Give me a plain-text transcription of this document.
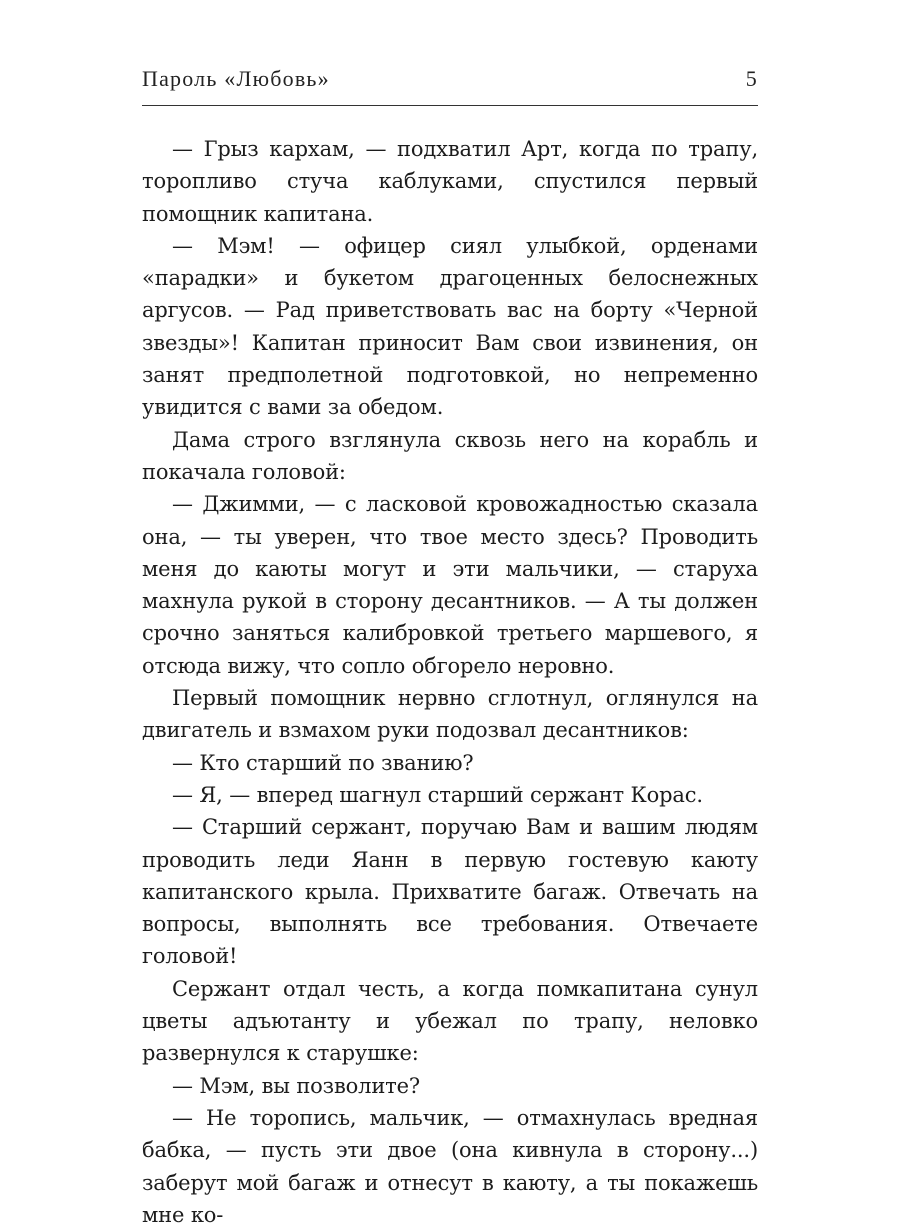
Пароль «Любовь»	5

— Грыз кархам, — подхватил Арт, когда по трапу, торопливо стуча каблуками, спустился первый помощник капитана.

— Мэм! — офицер сиял улыбкой, орденами «парадки» и букетом драгоценных белоснежных аргусов. — Рад приветствовать вас на борту «Черной звезды»! Капитан приносит Вам свои извинения, он занят предполетной подготовкой, но непременно увидится с вами за обедом.

Дама строго взглянула сквозь него на корабль и покачала головой:

— Джимми, — с ласковой кровожадностью сказала она, — ты уверен, что твое место здесь? Проводить меня до каюты могут и эти мальчики, — старуха махнула рукой в сторону десантников. — А ты должен срочно заняться калибровкой третьего маршевого, я отсюда вижу, что сопло обгорело неровно.

Первый помощник нервно сглотнул, оглянулся на двигатель и взмахом руки подозвал десантников:

— Кто старший по званию?

— Я, — вперед шагнул старший сержант Корас.

— Старший сержант, поручаю Вам и вашим людям проводить леди Яанн в первую гостевую каюту капитанского крыла. Прихватите багаж. Отвечать на вопросы, выполнять все требования. Отвечаете головой!

Сержант отдал честь, а когда помкапитана сунул цветы адъютанту и убежал по трапу, неловко развернулся к старушке:

— Мэм, вы позволите?

— Не торопись, мальчик, — отмахнулась вредная бабка, — пусть эти двое (она кивнула в сторону...) заберут мой багаж и отнесут в каюту, а ты покажешь мне ко-
